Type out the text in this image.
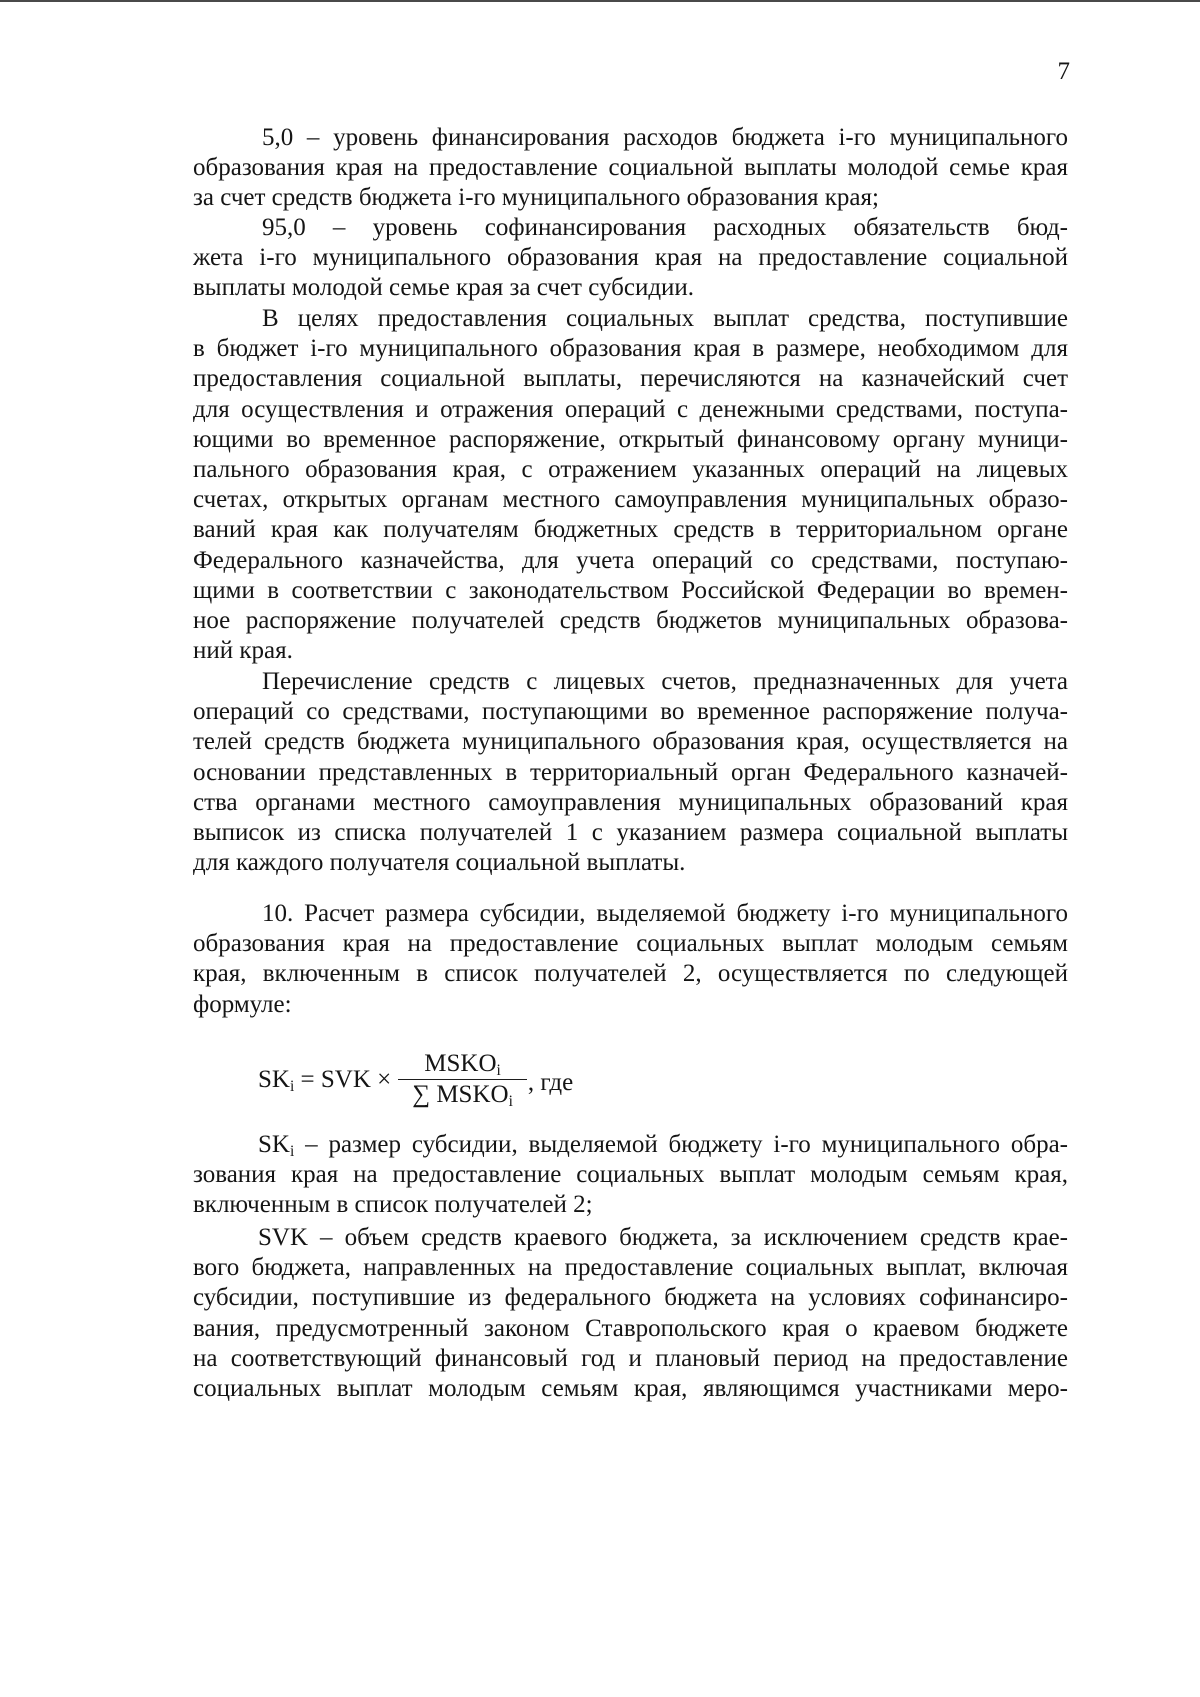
7
5,0 – уровень финансирования расходов бюджета i-го муниципального
образования края на предоставление социальной выплаты молодой семье края
за счет средств бюджета i-го муниципального образования края;
95,0 – уровень софинансирования расходных обязательств бюд-
жета i-го муниципального образования края на предоставление социальной
выплаты молодой семье края за счет субсидии.
В целях предоставления социальных выплат средства, поступившие
в бюджет i-го муниципального образования края в размере, необходимом для
предоставления социальной выплаты, перечисляются на казначейский счет
для осуществления и отражения операций с денежными средствами, поступа-
ющими во временное распоряжение, открытый финансовому органу муници-
пального образования края, с отражением указанных операций на лицевых
счетах, открытых органам местного самоуправления муниципальных образо-
ваний края как получателям бюджетных средств в территориальном органе
Федерального казначейства, для учета операций со средствами, поступаю-
щими в соответствии с законодательством Российской Федерации во времен-
ное распоряжение получателей средств бюджетов муниципальных образова-
ний края.
Перечисление средств с лицевых счетов, предназначенных для учета
операций со средствами, поступающими во временное распоряжение получа-
телей средств бюджета муниципального образования края, осуществляется на
основании представленных в территориальный орган Федерального казначей-
ства органами местного самоуправления муниципальных образований края
выписок из списка получателей 1 с указанием размера социальной выплаты
для каждого получателя социальной выплаты.
10. Расчет размера субсидии, выделяемой бюджету i-го муниципального
образования края на предоставление социальных выплат молодым семьям
края, включенным в список получателей 2, осуществляется по следующей
формуле:
$SK_i$ = SVK × $\frac{MSKO_i}{\sum MSKO_i}$ , где
$SK_i$ – размер субсидии, выделяемой бюджету i-го муниципального обра-
зования края на предоставление социальных выплат молодым семьям края,
включенным в список получателей 2;
SVK – объем средств краевого бюджета, за исключением средств крае-
вого бюджета, направленных на предоставление социальных выплат, включая
субсидии, поступившие из федерального бюджета на условиях софинансиро-
вания, предусмотренный законом Ставропольского края о краевом бюджете
на соответствующий финансовый год и плановый период на предоставление
социальных выплат молодым семьям края, являющимся участниками меро-
